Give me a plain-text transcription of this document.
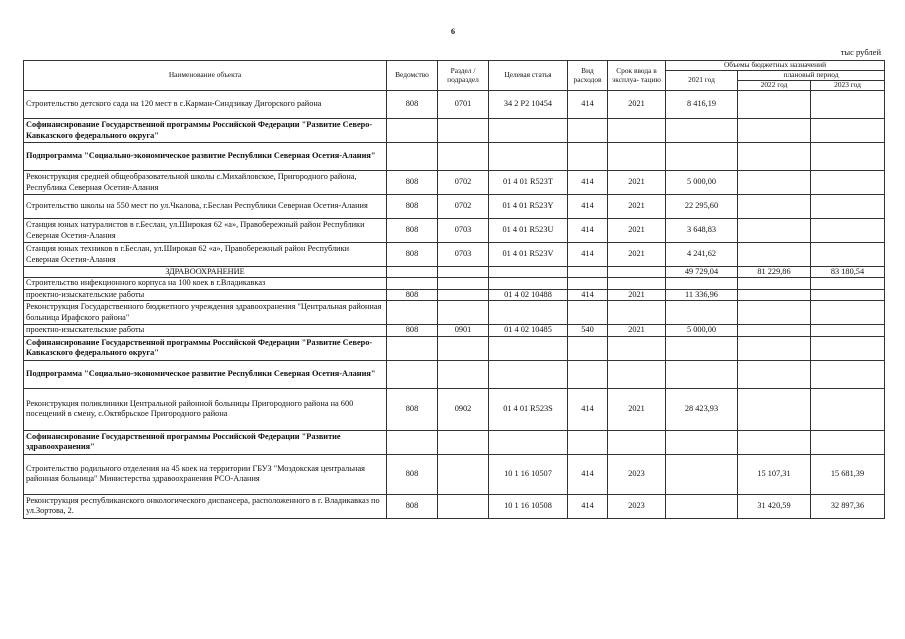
6
тыс рублей
Наименование объекта	Ведомство	Раздел / подраздел	Целевая статья	Вид расходов	Срок ввода в эксплуа- тацию	Объемы бюджетных назначений		
						2021 год	плановый период	
							2022 год	2023 год
Строительство детского сада на 120 мест в с.Карман-Синдзикау Дигорского района	808	0701	34 2 P2 10454	414	2021	8 416,19		
Софинансирование Государственной программы Российской Федерации "Развитие Северо-Кавказского федерального округа"								
Подпрограмма "Социально-экономическое развитие Республики Северная Осетия-Алания"								
Реконструкция средней общеобразовательной школы с.Михайловское, Пригородного района, Республика Северная Осетия-Алания	808	0702	01 4 01 R523T	414	2021	5 000,00		
Строительство школы на 550 мест по ул.Чкалова, г.Беслан Республики Северная Осетия-Алания	808	0702	01 4 01 R523Y	414	2021	22 295,60		
Станция юных натуралистов в г.Беслан, ул.Широкая 62 «а», Правобережный район Республики Северная Осетия-Алания	808	0703	01 4 01 R523U	414	2021	3 648,83		
Станция юных техников в г.Беслан, ул.Широкая 62 «а», Правобережный район Республики Северная Осетия-Алания	808	0703	01 4 01 R523V	414	2021	4 241,62		
ЗДРАВООХРАНЕНИЕ						49 729,04	81 229,86	83 180,54
Строительство инфекционного корпуса на 100 коек в г.Владикавказ								
проектно-изыскательские работы	808		01 4 02 10488	414	2021	11 336,96		
Реконструкция Государственного бюджетного учреждения здравоохранения "Центральная районная больница Ирафского района"								
проектно-изыскательские работы	808	0901	01 4 02 10485	540	2021	5 000,00		
Софинансирование Государственной программы Российской Федерации "Развитие Северо-Кавказского федерального округа"								
Подпрограмма "Социально-экономическое развитие Республики Северная Осетия-Алания"								
Реконструкция поликлиники Центральной районной больницы Пригородного района на 600 посещений в смену, с.Октябрьское Пригородного района	808	0902	01 4 01 R523S	414	2021	28 423,93		
Софинансирование Государственной программы Российской Федерации "Развитие здравоохранения"								
Строительство родильного отделения на 45 коек на территории ГБУЗ "Моздокская центральная районная больница" Министерства здравоохранения РСО-Алания	808		10 1 16 10507	414	2023		15 107,31	15 681,39
Реконструкция республиканского онкологического диспансера, расположенного в г. Владикавказ по ул.Зортова, 2.	808		10 1 16 10508	414	2023		31 420,59	32 897,36
